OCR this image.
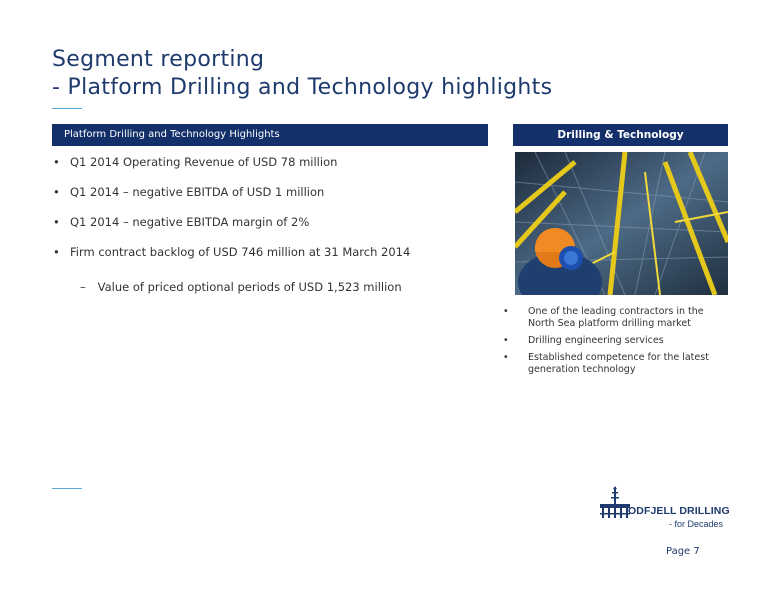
Segment reporting
- Platform Drilling and Technology highlights
Platform Drilling and Technology Highlights
• Q1 2014 Operating Revenue of USD 78 million
• Q1 2014 – negative EBITDA of USD 1 million
• Q1 2014 – negative EBITDA margin of 2%
• Firm contract backlog of USD 746 million at 31 March 2014
– Value of priced optional periods of USD 1,523 million
Drilling & Technology
• One of the leading contractors in the North Sea platform drilling market
• Drilling engineering services
• Established competence for the latest generation technology
ODFJELL DRILLING
- for Decades
Page 7
